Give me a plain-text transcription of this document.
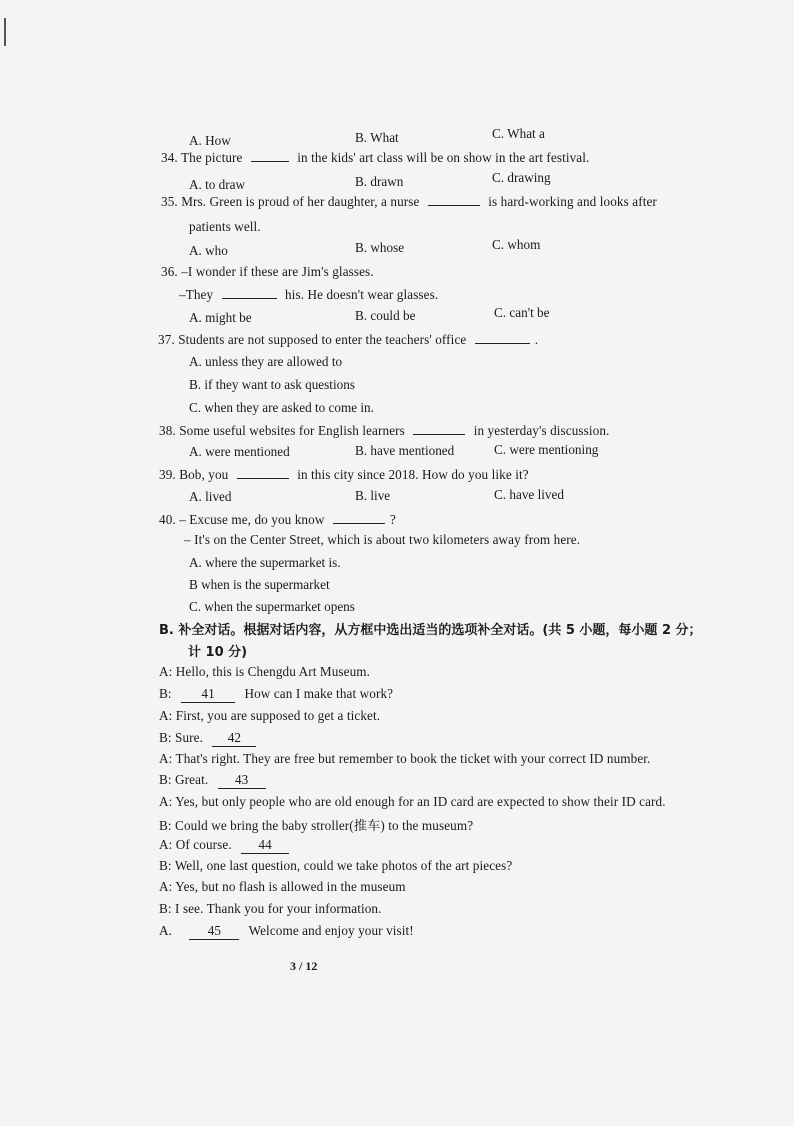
A. How	B. What	C. What a
34. The picture	in the kids' art class will be on show in the art festival.
A. to draw	B. drawn	C. drawing
35. Mrs. Green is proud of her daughter, a nurse	is hard-working and looks after
patients well.
A. who	B. whose	C. whom
36. –I wonder if these are Jim's glasses.
–They	his. He doesn't wear glasses.
A. might be	B. could be	C. can't be
37. Students are not supposed to enter the teachers' office	.
A. unless they are allowed to
B. if they want to ask questions
C. when they are asked to come in.
38. Some useful websites for English learners	in yesterday's discussion.
A. were mentioned	B. have mentioned	C. were mentioning
39. Bob, you	in this city since 2018. How do you like it?
A. lived	B. live	C. have lived
40. – Excuse me, do you know	?
– It's on the Center Street, which is about two kilometers away from here.
A. where the supermarket is.
B when is the supermarket
C. when the supermarket opens
B. 补全对话。根据对话内容，从方框中选出适当的选项补全对话。(共 5 小题，每小题 2 分；
计 10 分)
A: Hello, this is Chengdu Art Museum.
B: 41 How can I make that work?
A: First, you are supposed to get a ticket.
B: Sure. 42
A: That's right. They are free but remember to book the ticket with your correct ID number.
B: Great. 43
A: Yes, but only people who are old enough for an ID card are expected to show their ID card.
B: Could we bring the baby stroller(推车) to the museum?
A: Of course. 44
B: Well, one last question, could we take photos of the art pieces?
A: Yes, but no flash is allowed in the museum
B: I see. Thank you for your information.
A.	45 Welcome and enjoy your visit!
3 / 12
